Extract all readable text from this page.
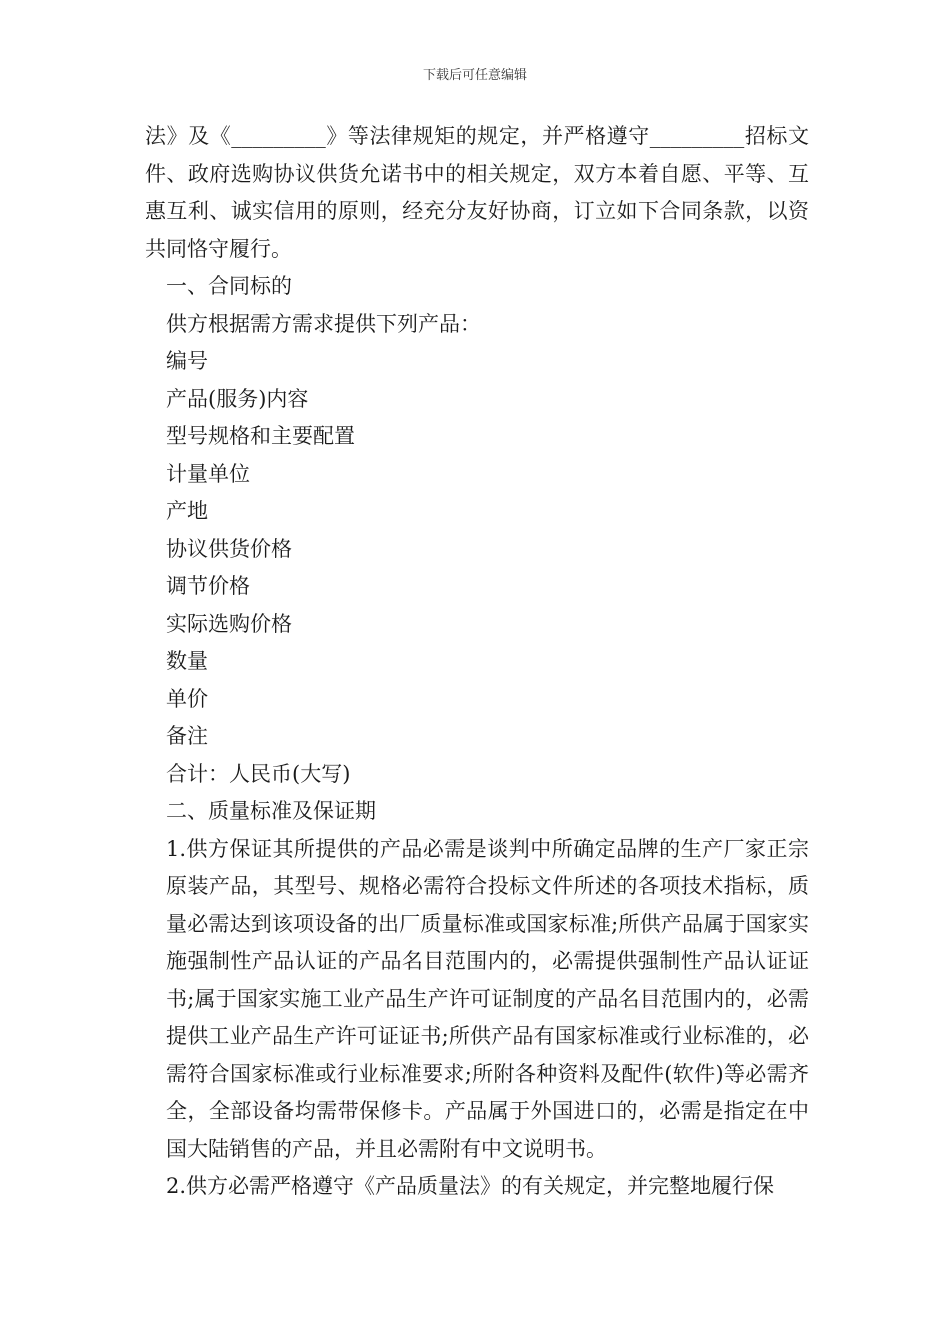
下载后可任意编辑

法》及《_________》等法律规矩的规定，并严格遵守_________招标文件、政府选购协议供货允诺书中的相关规定，双方本着自愿、平等、互惠互利、诚实信用的原则，经充分友好协商，订立如下合同条款，以资共同恪守履行。

一、合同标的

供方根据需方需求提供下列产品：

编号

产品(服务)内容

型号规格和主要配置

计量单位

产地

协议供货价格

调节价格

实际选购价格

数量

单价

备注

合计：人民币(大写)

二、质量标准及保证期

1.供方保证其所提供的产品必需是谈判中所确定品牌的生产厂家正宗原装产品，其型号、规格必需符合投标文件所述的各项技术指标，质量必需达到该项设备的出厂质量标准或国家标准;所供产品属于国家实施强制性产品认证的产品名目范围内的，必需提供强制性产品认证证书;属于国家实施工业产品生产许可证制度的产品名目范围内的，必需提供工业产品生产许可证证书;所供产品有国家标准或行业标准的，必需符合国家标准或行业标准要求;所附各种资料及配件(软件)等必需齐全，全部设备均需带保修卡。产品属于外国进口的，必需是指定在中国大陆销售的产品，并且必需附有中文说明书。

2.供方必需严格遵守《产品质量法》的有关规定，并完整地履行保
